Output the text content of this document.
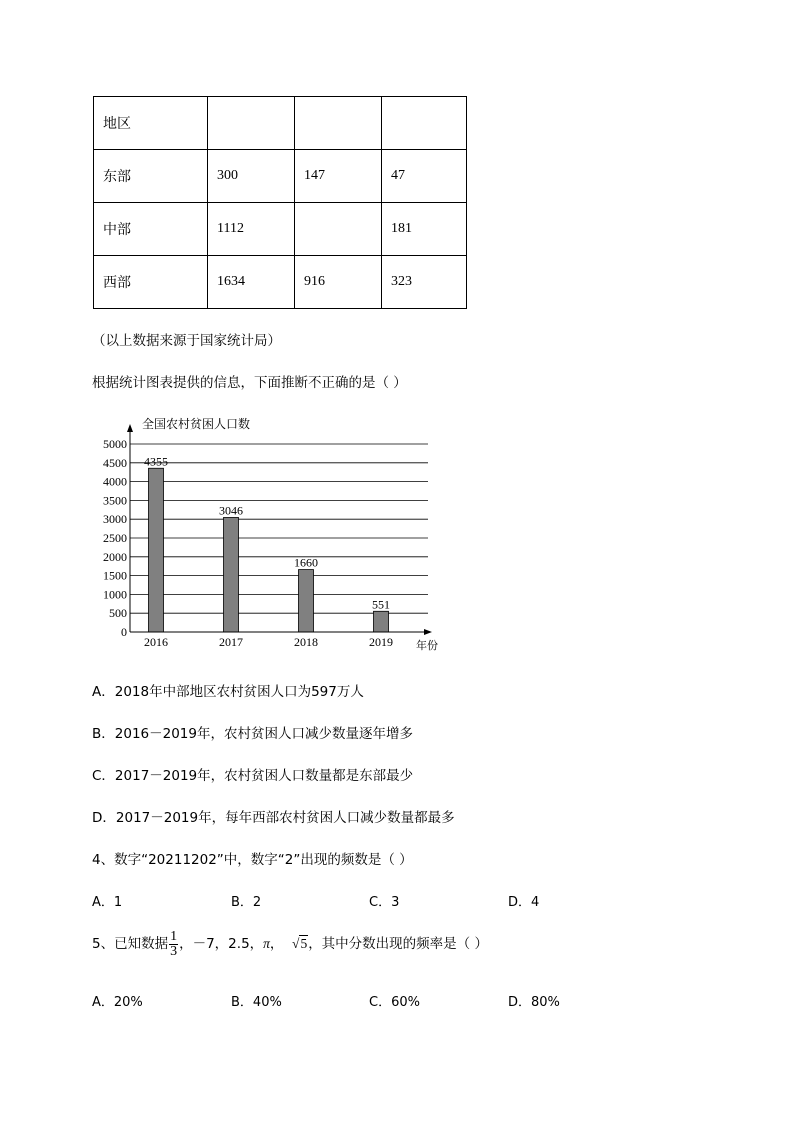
地区			
东部	300	147	47
中部	1112		181
西部	1634	916	323
（以上数据来源于国家统计局）
根据统计图表提供的信息，下面推断不正确的是（ ）
全国农村贫困人口数
0
500
1000
1500
2000
2500
3000
3500
4000
4500
5000
2016	2017	2018	2019
4355
3046
1660
551
年份
A．2018年中部地区农村贫困人口为597万人
B．2016－2019年，农村贫困人口减少数量逐年增多
C．2017－2019年，农村贫困人口数量都是东部最少
D．2017－2019年，每年西部农村贫困人口减少数量都最多
4、数字“20211202”中，数字“2”出现的频数是（ ）
A．1	B．2	C．3	D．4
5、已知数据 $\frac{1}{3}$ ，－7，2.5，π， √5，其中分数出现的频率是（ ）
A．20%	B．40%	C．60%	D．80%
